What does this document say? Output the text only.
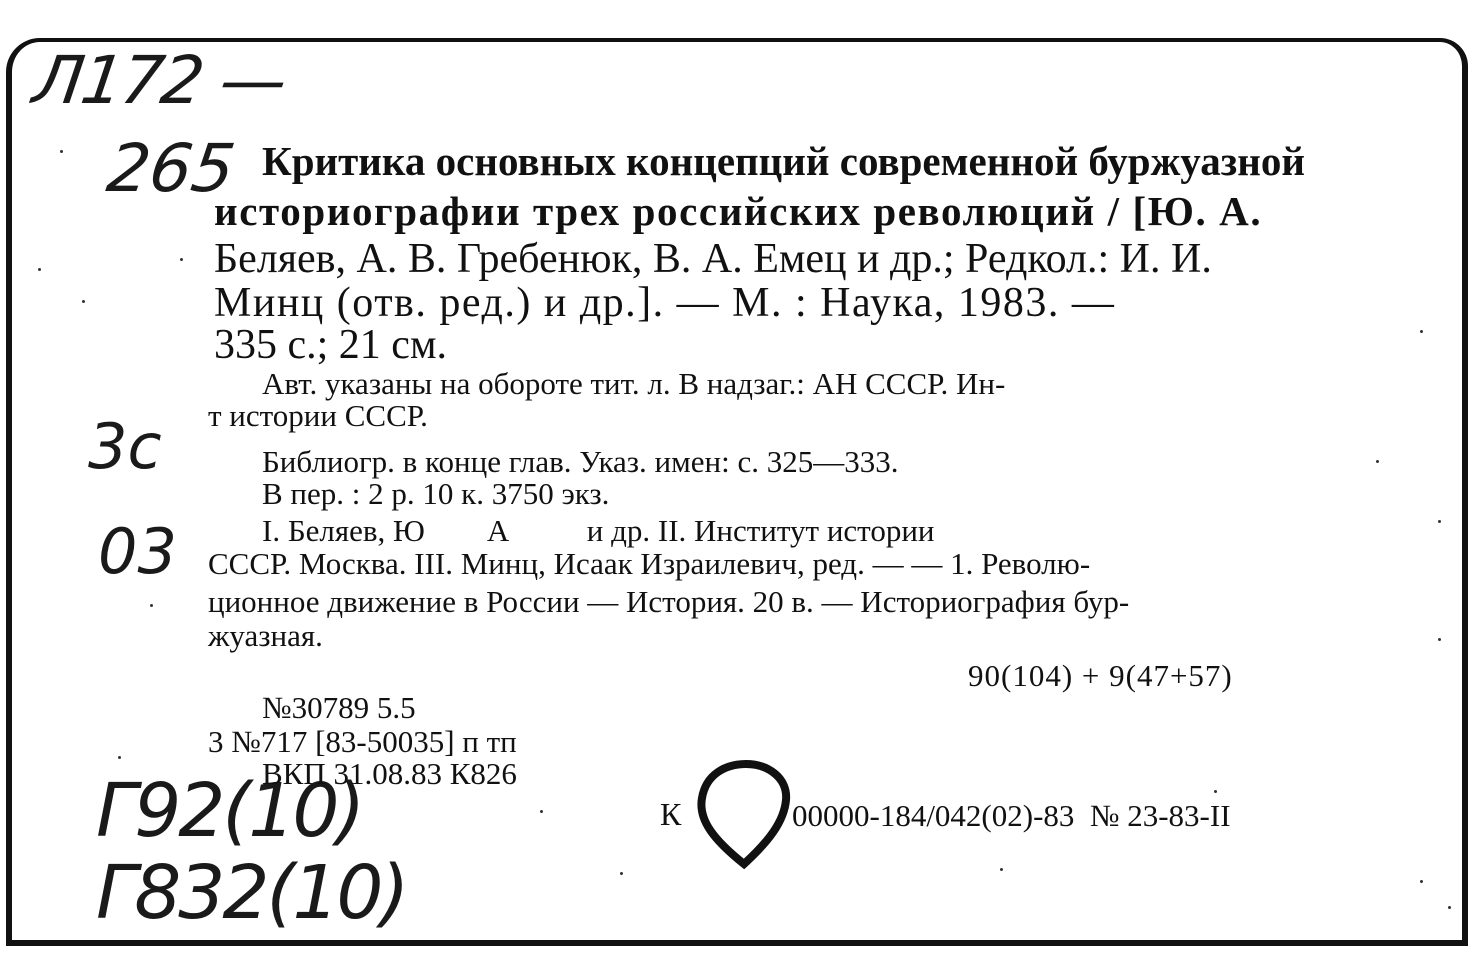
Л172 —
265
3с
03
Г92(10)
Г832(10)
Критика основных концепций современной буржуазной
историографии трех российских революций / [Ю. А.
Беляев, А. В. Гребенюк, В. А. Емец и др.; Редкол.: И. И.
Минц (отв. ред.) и др.]. — М. : Наука, 1983. —
335 с.; 21 см.
Авт. указаны на обороте тит. л. В надзаг.: АН СССР. Ин-
т истории СССР.
Библиогр. в конце глав. Указ. имен: с. 325—333.
В пер. : 2 р. 10 к. 3750 экз.
I. Беляев, Ю        А          и др. II. Институт истории
СССР. Москва. III. Минц, Исаак Израилевич, ред. — — 1. Револю-
ционное движение в России — История. 20 в. — Историография бур-
жуазная.
90(104) + 9(47+57)
№30789 5.5
3 №717 [83-50035] п тп
ВКП 31.08.83 К826
К	00000-184/042(02)-83  № 23-83-II
